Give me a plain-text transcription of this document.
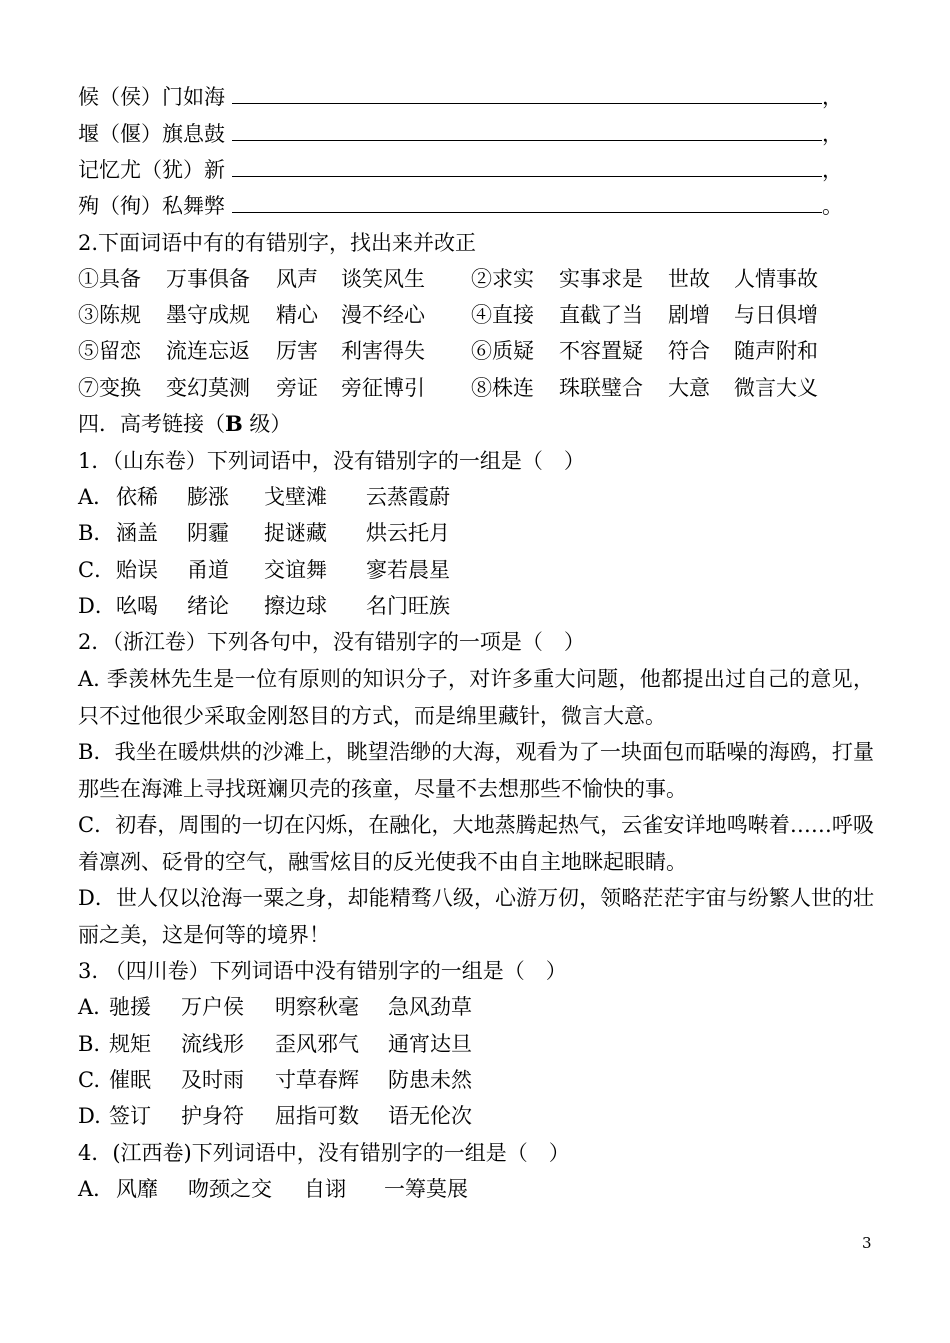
候（侯）门如海	，
堰（偃）旗息鼓	，
记忆尤（犹）新	，
殉（徇）私舞弊	。
2.下面词语中有的有错别字，找出来并改正
①具备 万事俱备 风声 谈笑风生 ②求实 实事求是 世故 人情事故
③陈规 墨守成规 精心 漫不经心 ④直接 直截了当 剧增 与日俱增
⑤留恋 流连忘返 厉害 利害得失 ⑥质疑 不容置疑 符合 随声附和
⑦变换 变幻莫测 旁证 旁征博引 ⑧株连 珠联璧合 大意 微言大义
四．高考链接（B 级）
1．（山东卷）下列词语中，没有错别字的一组是（　）
A． 依稀 膨涨 戈壁滩 云蒸霞蔚
B． 涵盖 阴霾 捉谜藏 烘云托月
C． 贻误 甬道 交谊舞 寥若晨星
D． 吆喝 绪论 擦边球 名门旺族
2．（浙江卷）下列各句中，没有错别字的一项是（　）
A. 季羡林先生是一位有原则的知识分子，对许多重大问题，他都提出过自己的意见，只不过他很少采取金刚怒目的方式，而是绵里藏针，微言大意。
B．我坐在暖烘烘的沙滩上，眺望浩缈的大海，观看为了一块面包而聒噪的海鸥，打量那些在海滩上寻找斑斓贝壳的孩童，尽量不去想那些不愉快的事。
C．初春，周围的一切在闪烁，在融化，大地蒸腾起热气，云雀安详地鸣啭着……呼吸着凛冽、砭骨的空气，融雪炫目的反光使我不由自主地眯起眼睛。
D．世人仅以沧海一粟之身，却能精骛八级，心游万仞，领略茫茫宇宙与纷繁人世的壮丽之美，这是何等的境界！
3. （四川卷）下列词语中没有错别字的一组是（　）
A. 驰援 万户侯 明察秋毫 急风劲草
B. 规矩 流线形 歪风邪气 通宵达旦
C. 催眠 及时雨 寸草春辉 防患未然
D. 签订 护身符 屈指可数 语无伦次
4．(江西卷)下列词语中，没有错别字的一组是（　）
A． 风靡 吻颈之交 自诩 一筹莫展
3
